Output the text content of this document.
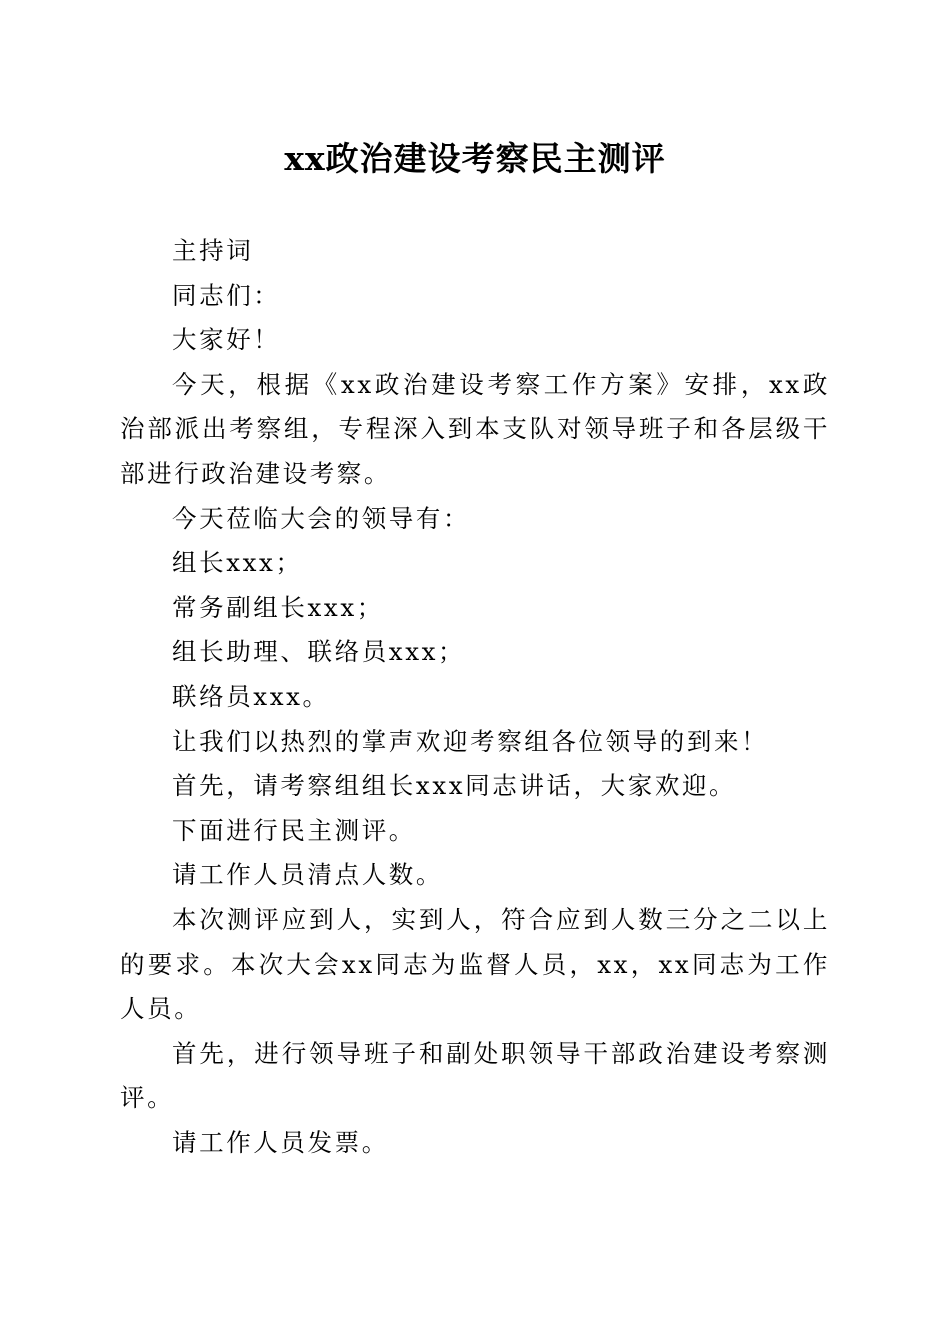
xx政治建设考察民主测评

主持词

同志们：

大家好！

今天，根据《xx政治建设考察工作方案》安排，xx政治部派出考察组，专程深入到本支队对领导班子和各层级干部进行政治建设考察。

今天莅临大会的领导有：

组长xxx；

常务副组长xxx；

组长助理、联络员xxx；

联络员xxx。

让我们以热烈的掌声欢迎考察组各位领导的到来！

首先，请考察组组长xxx同志讲话，大家欢迎。

下面进行民主测评。

请工作人员清点人数。

本次测评应到人，实到人，符合应到人数三分之二以上的要求。本次大会xx同志为监督人员，xx，xx同志为工作人员。

首先，进行领导班子和副处职领导干部政治建设考察测评。

请工作人员发票。
